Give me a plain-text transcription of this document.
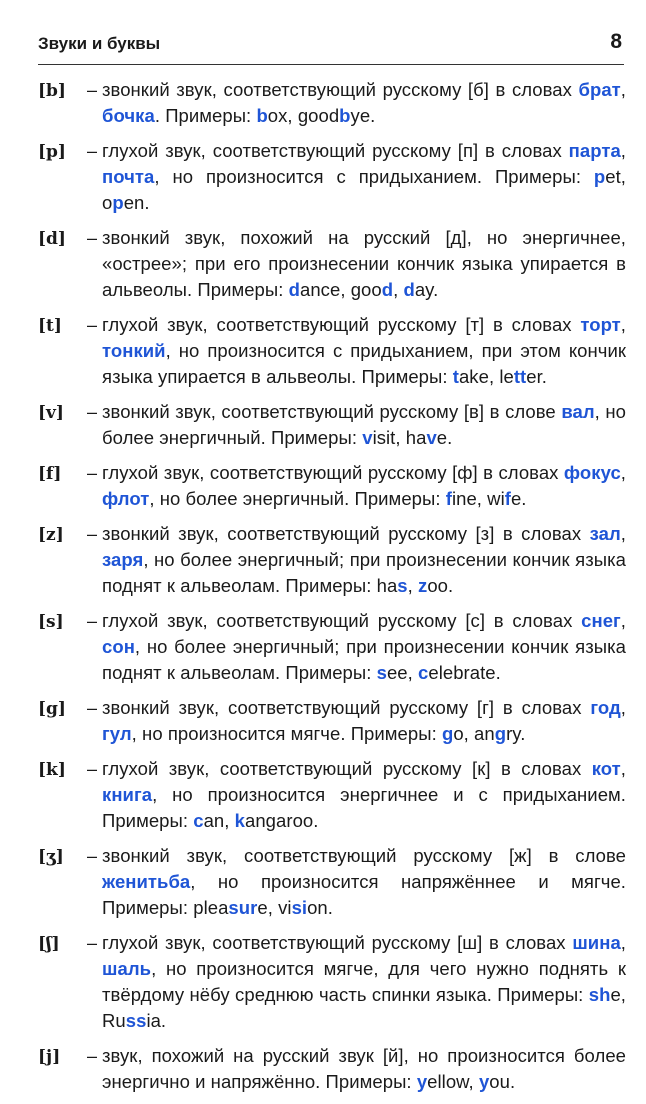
Звуки и буквы	8
[b]	– звонкий звук, соответствующий русскому [б] в словах брат, бочка. Примеры: box, goodbye.
[p]	– глухой звук, соответствующий русскому [п] в словах парта, почта, но произносится с придыханием. Примеры: pet, open.
[d]	– звонкий звук, похожий на русский [д], но энергичнее, «острее»; при его произнесении кончик языка упирается в альвеолы. Примеры: dance, good, day.
[t]	– глухой звук, соответствующий русскому [т] в словах торт, тонкий, но произносится с придыханием, при этом кончик языка упирается в альвеолы. Примеры: take, letter.
[v]	– звонкий звук, соответствующий русскому [в] в слове вал, но более энергичный. Примеры: visit, have.
[f]	– глухой звук, соответствующий русскому [ф] в словах фокус, флот, но более энергичный. Примеры: fine, wife.
[z]	– звонкий звук, соответствующий русскому [з] в словах зал, заря, но более энергичный; при произнесении кончик языка поднят к альвеолам. Примеры: has, zoo.
[s]	– глухой звук, соответствующий русскому [с] в словах снег, сон, но более энергичный; при произнесении кончик языка поднят к альвеолам. Примеры: see, celebrate.
[g]	– звонкий звук, соответствующий русскому [г] в словах год, гул, но произносится мягче. Примеры: go, angry.
[k]	– глухой звук, соответствующий русскому [к] в словах кот, книга, но произносится энергичнее и с придыханием. Примеры: can, kangaroo.
[ʒ]	– звонкий звук, соответствующий русскому [ж] в слове женитьба, но произносится напряжённее и мягче. Примеры: pleasure, vision.
[ʃ]	– глухой звук, соответствующий русскому [ш] в словах шина, шаль, но произносится мягче, для чего нужно поднять к твёрдому нёбу среднюю часть спинки языка. Примеры: she, Russia.
[j]	– звук, похожий на русский звук [й], но произносится более энергично и напряжённо. Примеры: yellow, you.
